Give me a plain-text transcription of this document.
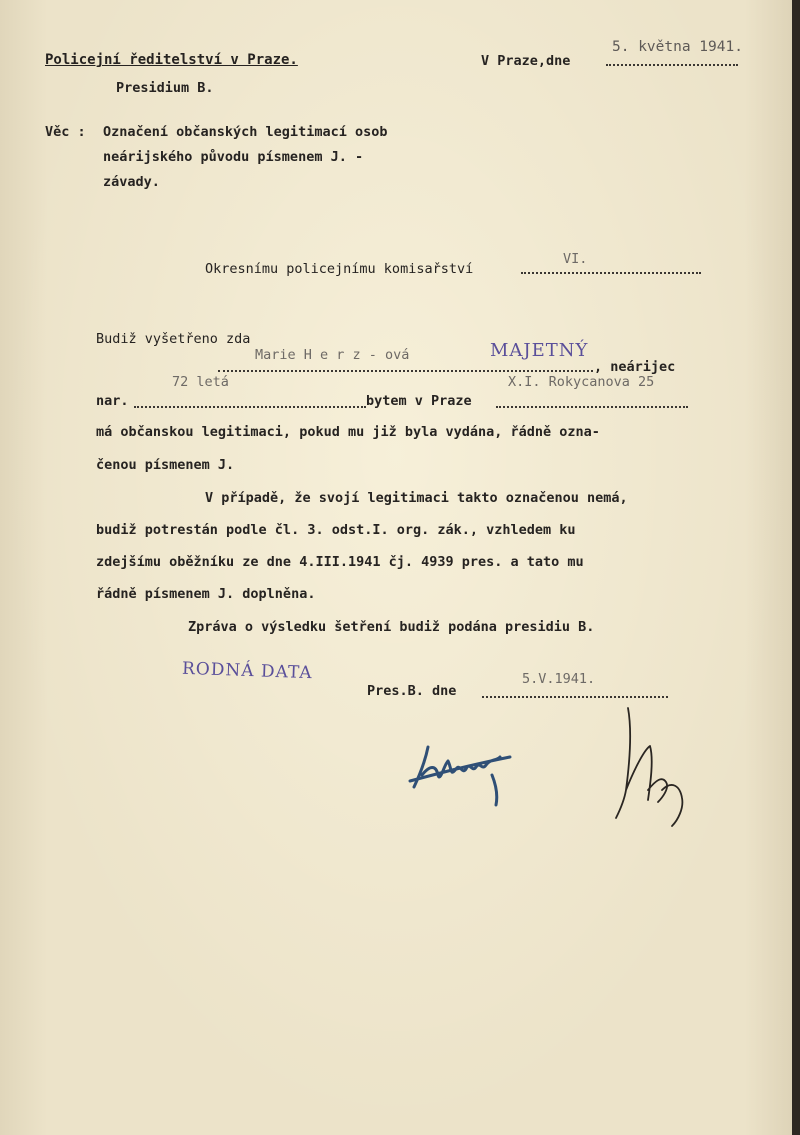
Policejní ředitelství v Praze.
Presidium B.
V Praze,dne
5. května 1941.
Věc : Označení občanských legitimací osob
neárijského původu písmenem J. -
závady.
Okresnímu policejnímu komisařství
VI.
Budiž vyšetřeno zda
Marie H e r z - ová	MAJETNÝ
, neárijec
nar.
72 letá
bytem v Praze
X.I. Rokycanova 25
má občanskou legitimaci, pokud mu již byla vydána, řádně ozna-
čenou písmenem J.
V případě, že svojí legitimaci takto označenou nemá,
budiž potrestán podle čl. 3. odst.I. org. zák., vzhledem ku
zdejšímu oběžníku ze dne 4.III.1941 čj. 4939 pres. a tato mu
řádně písmenem J. doplněna.
Zpráva o výsledku šetření budiž podána presidiu B.
RODNÁ DATA
Pres.B. dne
5.V.1941.
